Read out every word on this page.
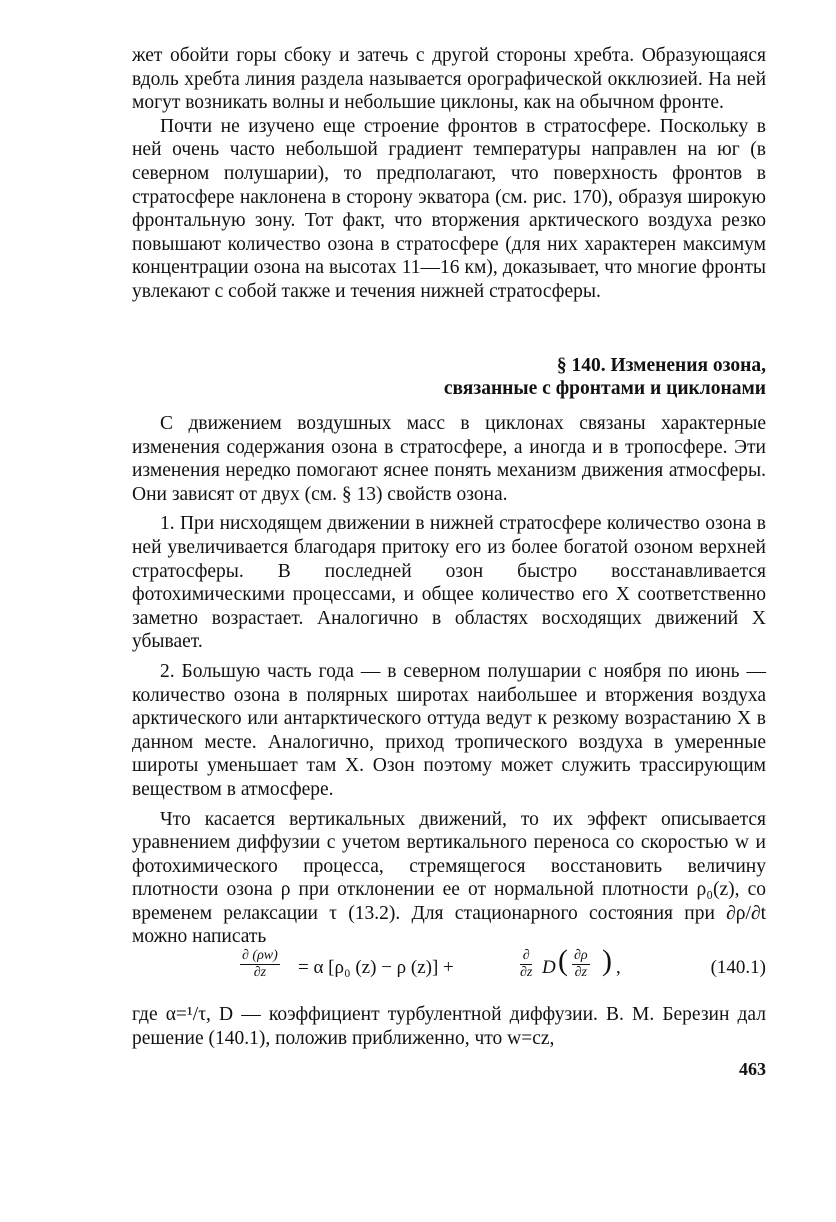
жет обойти горы сбоку и затечь с другой стороны хребта. Образующаяся вдоль хребта линия раздела называется орографической окклюзией. На ней могут возникать волны и небольшие циклоны, как на обычном фронте.

Почти не изучено еще строение фронтов в стратосфере. Поскольку в ней очень часто небольшой градиент температуры направлен на юг (в северном полушарии), то предполагают, что поверхность фронтов в стратосфере наклонена в сторону экватора (см. рис. 170), образуя широкую фронтальную зону. Тот факт, что вторжения арктического воздуха резко повышают количество озона в стратосфере (для них характерен максимум концентрации озона на высотах 11—16 км), доказывает, что многие фронты увлекают с собой также и течения нижней стратосферы.

§ 140. Изменения озона,
связанные с фронтами и циклонами

С движением воздушных масс в циклонах связаны характерные изменения содержания озона в стратосфере, а иногда и в тропосфере. Эти изменения нередко помогают яснее понять механизм движения атмосферы. Они зависят от двух (см. § 13) свойств озона.

1. При нисходящем движении в нижней стратосфере количество озона в ней увеличивается благодаря притоку его из более богатой озоном верхней стратосферы. В последней озон быстро восстанавливается фотохимическими процессами, и общее количество его X соответственно заметно возрастает. Аналогично в областях восходящих движений X убывает.

2. Большую часть года — в северном полушарии с ноября по июнь — количество озона в полярных широтах наибольшее и вторжения воздуха арктического или антарктического оттуда ведут к резкому возрастанию X в данном месте. Аналогично, приход тропического воздуха в умеренные широты уменьшает там X. Озон поэтому может служить трассирующим веществом в атмосфере.

Что касается вертикальных движений, то их эффект описывается уравнением диффузии с учетом вертикального переноса со скоростью w и фотохимического процесса, стремящегося восстановить величину плотности озона ρ при отклонении ее от нормальной плотности ρ₀(z), со временем релаксации τ (13.2). Для стационарного состояния при ∂ρ/∂t можно написать

$\frac{\partial (\rho w)}{\partial z} = \alpha$ [ρ₀ (z) − ρ (z)] +
∂
∂z D ( $\frac{\partial\rho}{\partial z}$ ) ,	(140.1)

где α=¹/τ, D — коэффициент турбулентной диффузии. В. М. Березин дал решение (140.1), положив приближенно, что w=cz,

463
